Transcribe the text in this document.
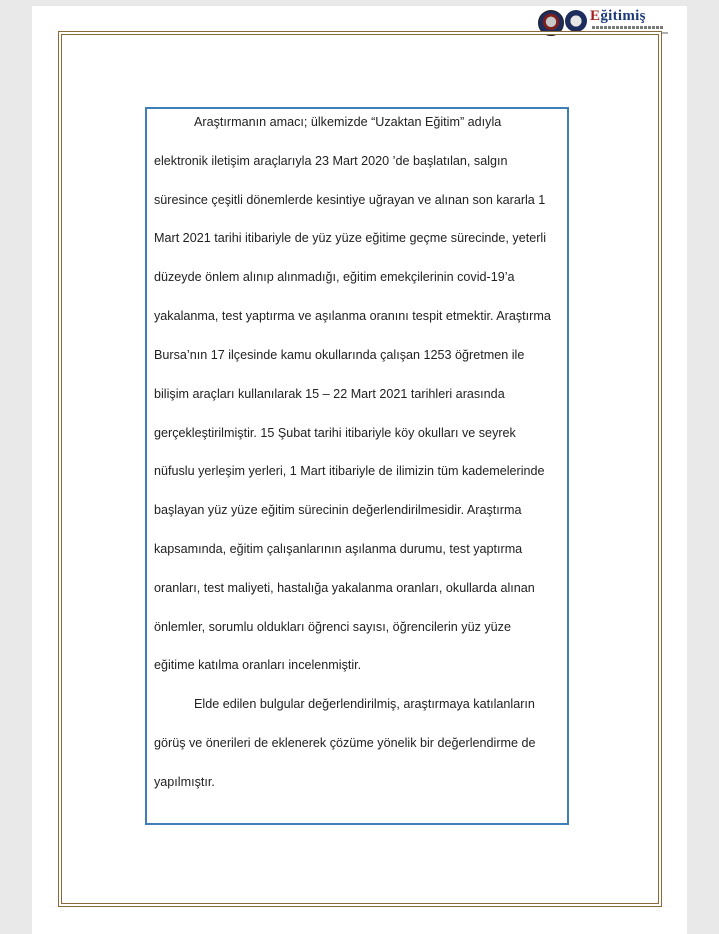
Eğitimiş
Araştırmanın amacı; ülkemizde “Uzaktan Eğitim” adıyla
elektronik iletişim araçlarıyla 23 Mart 2020 ’de başlatılan, salgın
süresince çeşitli dönemlerde kesintiye uğrayan ve alınan son kararla 1
Mart 2021 tarihi itibariyle de yüz yüze eğitime geçme sürecinde, yeterli
düzeyde önlem alınıp alınmadığı, eğitim emekçilerinin covid-19’a
yakalanma, test yaptırma ve aşılanma oranını tespit etmektir. Araştırma
Bursa’nın 17 ilçesinde kamu okullarında çalışan 1253 öğretmen ile
bilişim araçları kullanılarak 15 – 22 Mart 2021 tarihleri arasında
gerçekleştirilmiştir. 15 Şubat tarihi itibariyle köy okulları ve seyrek
nüfuslu yerleşim yerleri, 1 Mart itibariyle de ilimizin tüm kademelerinde
başlayan yüz yüze eğitim sürecinin değerlendirilmesidir. Araştırma
kapsamında, eğitim çalışanlarının aşılanma durumu, test yaptırma
oranları, test maliyeti, hastalığa yakalanma oranları, okullarda alınan
önlemler, sorumlu oldukları öğrenci sayısı, öğrencilerin yüz yüze
eğitime katılma oranları incelenmiştir.
Elde edilen bulgular değerlendirilmiş, araştırmaya katılanların
görüş ve önerileri de eklenerek çözüme yönelik bir değerlendirme de
yapılmıştır.
